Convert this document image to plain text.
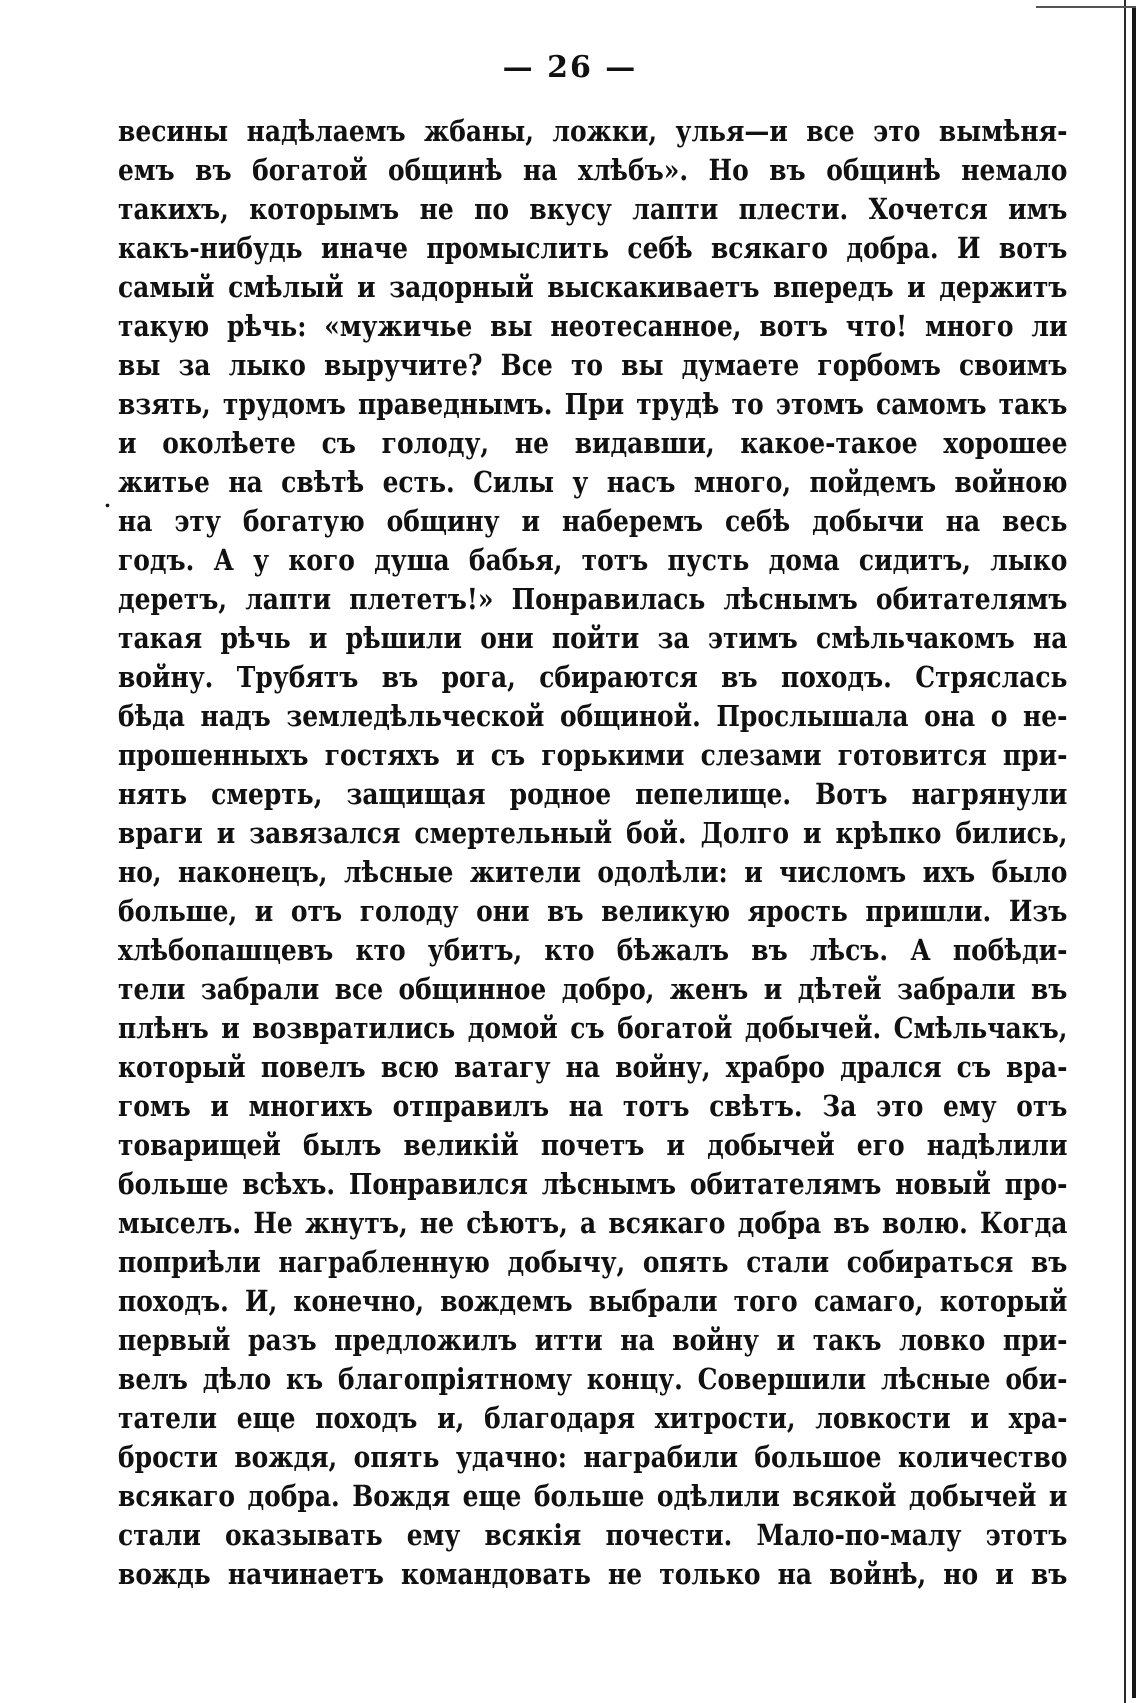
— 26 —
.
весины надѣлаемъ жбаны, ложки, улья—и все это вымѣня-
емъ въ богатой общинѣ на хлѣбъ». Но въ общинѣ немало
такихъ, которымъ не по вкусу лапти плести. Хочется имъ
какъ-нибудь иначе промыслить себѣ всякаго добра. И вотъ
самый смѣлый и задорный выскакиваетъ впередъ и держитъ
такую рѣчь: «мужичье вы неотесанное, вотъ что! много ли
вы за лыко выручите? Все то вы думаете горбомъ своимъ
взять, трудомъ праведнымъ. При трудѣ то этомъ самомъ такъ
и околѣете съ голоду, не видавши, какое-такое хорошее
житье на свѣтѣ есть. Силы у насъ много, пойдемъ войною
на эту богатую общину и наберемъ себѣ добычи на весь
годъ. А у кого душа бабья, тотъ пусть дома сидитъ, лыко
деретъ, лапти плететъ!» Понравилась лѣснымъ обитателямъ
такая рѣчь и рѣшили они пойти за этимъ смѣльчакомъ на
войну. Трубятъ въ рога, сбираются въ походъ. Стряслась
бѣда надъ земледѣльческой общиной. Прослышала она о не-
прошенныхъ гостяхъ и съ горькими слезами готовится при-
нять смерть, защищая родное пепелище. Вотъ нагрянули
враги и завязался смертельный бой. Долго и крѣпко бились,
но, наконецъ, лѣсные жители одолѣли: и числомъ ихъ было
больше, и отъ голоду они въ великую ярость пришли. Изъ
хлѣбопашцевъ кто убитъ, кто бѣжалъ въ лѣсъ. А побѣди-
тели забрали все общинное добро, женъ и дѣтей забрали въ
плѣнъ и возвратились домой съ богатой добычей. Смѣльчакъ,
который повелъ всю ватагу на войну, храбро дрался съ вра-
гомъ и многихъ отправилъ на тотъ свѣтъ. За это ему отъ
товарищей былъ великій почетъ и добычей его надѣлили
больше всѣхъ. Понравился лѣснымъ обитателямъ новый про-
мыселъ. Не жнутъ, не сѣютъ, а всякаго добра въ волю. Когда
поприѣли награбленную добычу, опять стали собираться въ
походъ. И, конечно, вождемъ выбрали того самаго, который
первый разъ предложилъ итти на войну и такъ ловко при-
велъ дѣло къ благопріятному концу. Совершили лѣсные оби-
татели еще походъ и, благодаря хитрости, ловкости и хра-
брости вождя, опять удачно: награбили большое количество
всякаго добра. Вождя еще больше одѣлили всякой добычей и
стали оказывать ему всякія почести. Мало-по-малу этотъ
вождь начинаетъ командовать не только на войнѣ, но и въ
